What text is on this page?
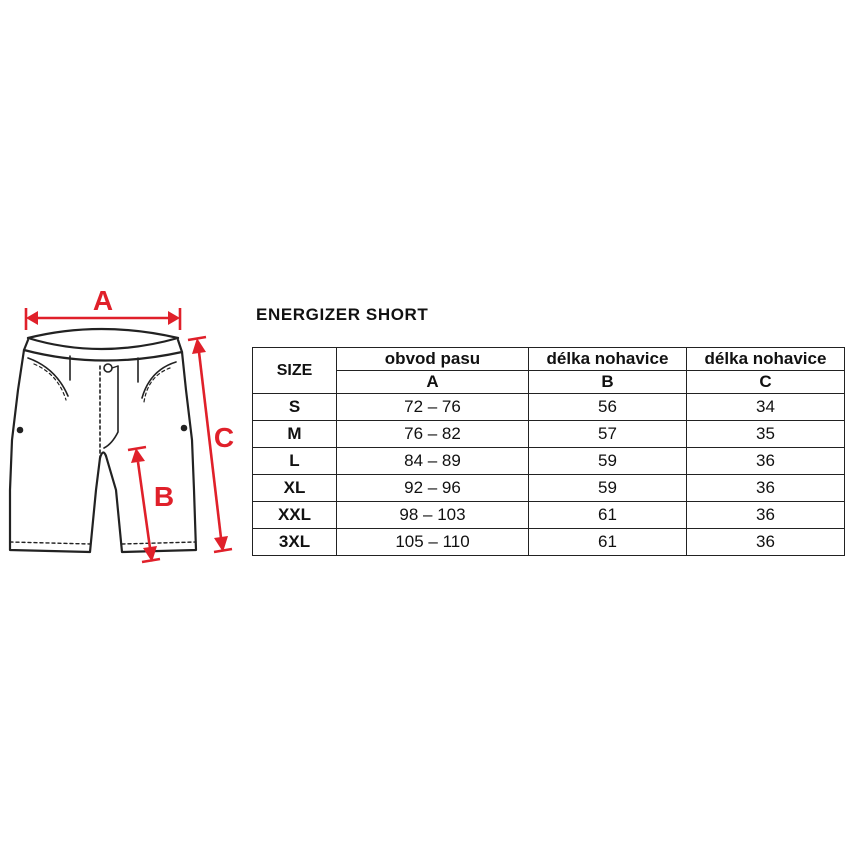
A
C
B
ENERGIZER SHORT
SIZE	obvod pasu	délka nohavice	délka nohavice
	A	B	C
S	72 – 76	56	34
M	76 – 82	57	35
L	84 – 89	59	36
XL	92 – 96	59	36
XXL	98 – 103	61	36
3XL	105 – 110	61	36
